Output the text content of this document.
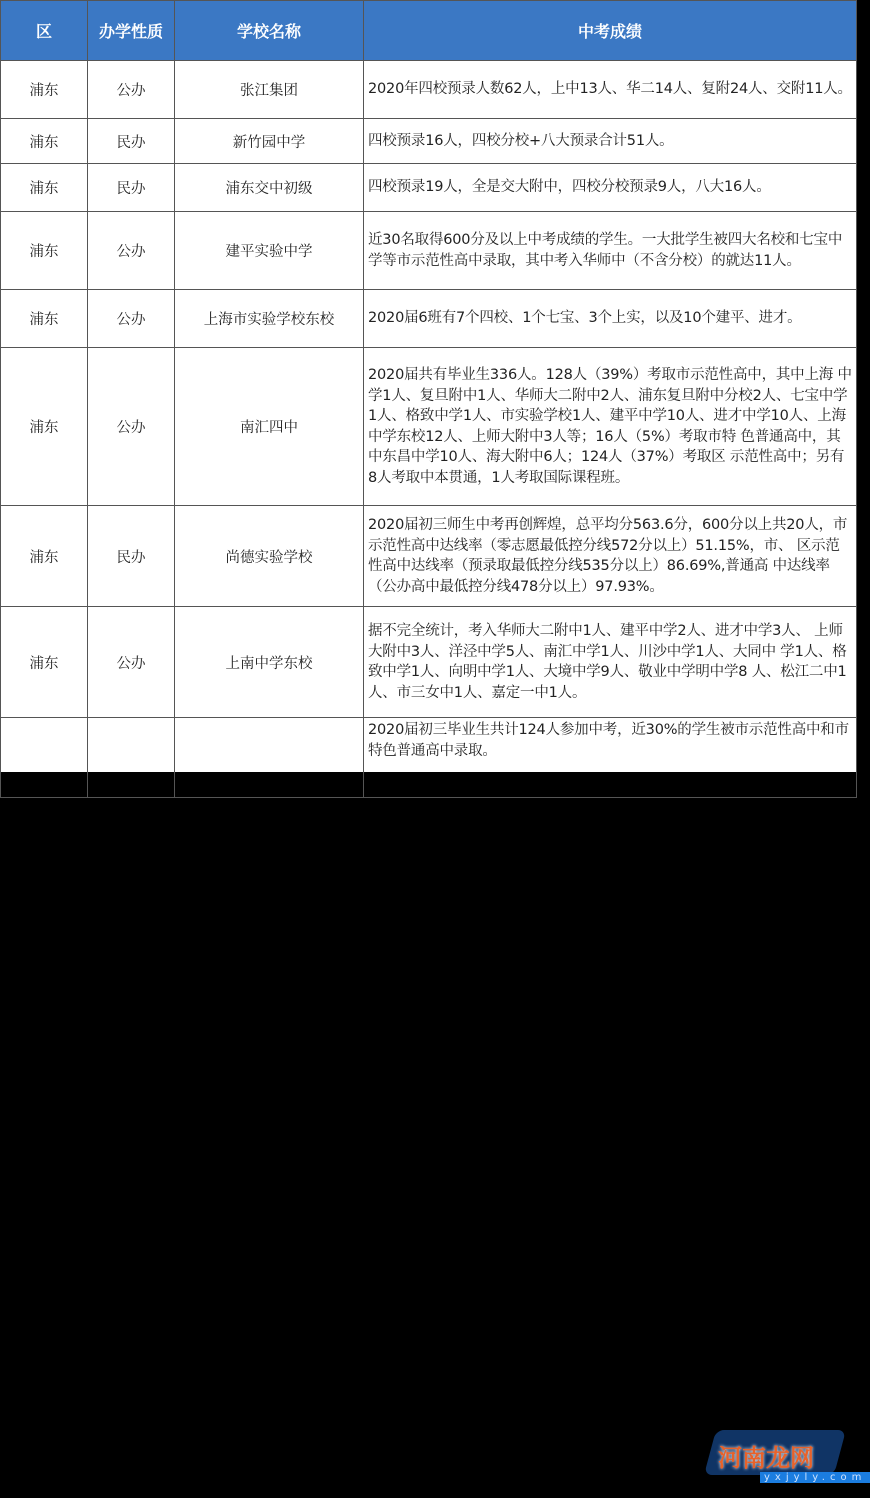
区	办学性质	学校名称	中考成绩
浦东	公办	张江集团	2020年四校预录人数62人，上中13人、华二14人、复附24人、交附11人。
浦东	民办	新竹园中学	四校预录16人，四校分校+八大预录合计51人。
浦东	民办	浦东交中初级	四校预录19人，全是交大附中，四校分校预录9人，八大16人。
浦东	公办	建平实验中学	近30名取得600分及以上中考成绩的学生。一大批学生被四大名校和七宝中学等市示范性高中录取，其中考入华师中（不含分校）的就达11人。
浦东	公办	上海市实验学校东校	2020届6班有7个四校、1个七宝、3个上实，以及10个建平、进才。
浦东	公办	南汇四中	2020届共有毕业生336人。128人（39%）考取市示范性高中，其中上海 中学1人、复旦附中1人、华师大二附中2人、浦东复旦附中分校2人、七宝中学1人、格致中学1人、市实验学校1人、建平中学10人、进才中学10人、上海中学东校12人、上师大附中3人等；16人（5%）考取市特 色普通高中，其中东昌中学10人、海大附中6人；124人（37%）考取区 示范性高中；另有8人考取中本贯通，1人考取国际课程班。
浦东	民办	尚德实验学校	2020届初三师生中考再创辉煌，总平均分563.6分，600分以上共20人，市示范性高中达线率（零志愿最低控分线572分以上）51.15%，市、 区示范性高中达线率（预录取最低控分线535分以上）86.69%,普通高 中达线率（公办高中最低控分线478分以上）97.93%。
浦东	公办	上南中学东校	据不完全统计，考入华师大二附中1人、建平中学2人、进才中学3人、 上师大附中3人、洋泾中学5人、南汇中学1人、川沙中学1人、大同中 学1人、格致中学1人、向明中学1人、大境中学9人、敬业中学明中学8 人、松江二中1人、市三女中1人、嘉定一中1人。
			2020届初三毕业生共计124人参加中考，近30%的学生被市示范性高中和市特色普通高中录取。
河南龙网
yxjyly.com
